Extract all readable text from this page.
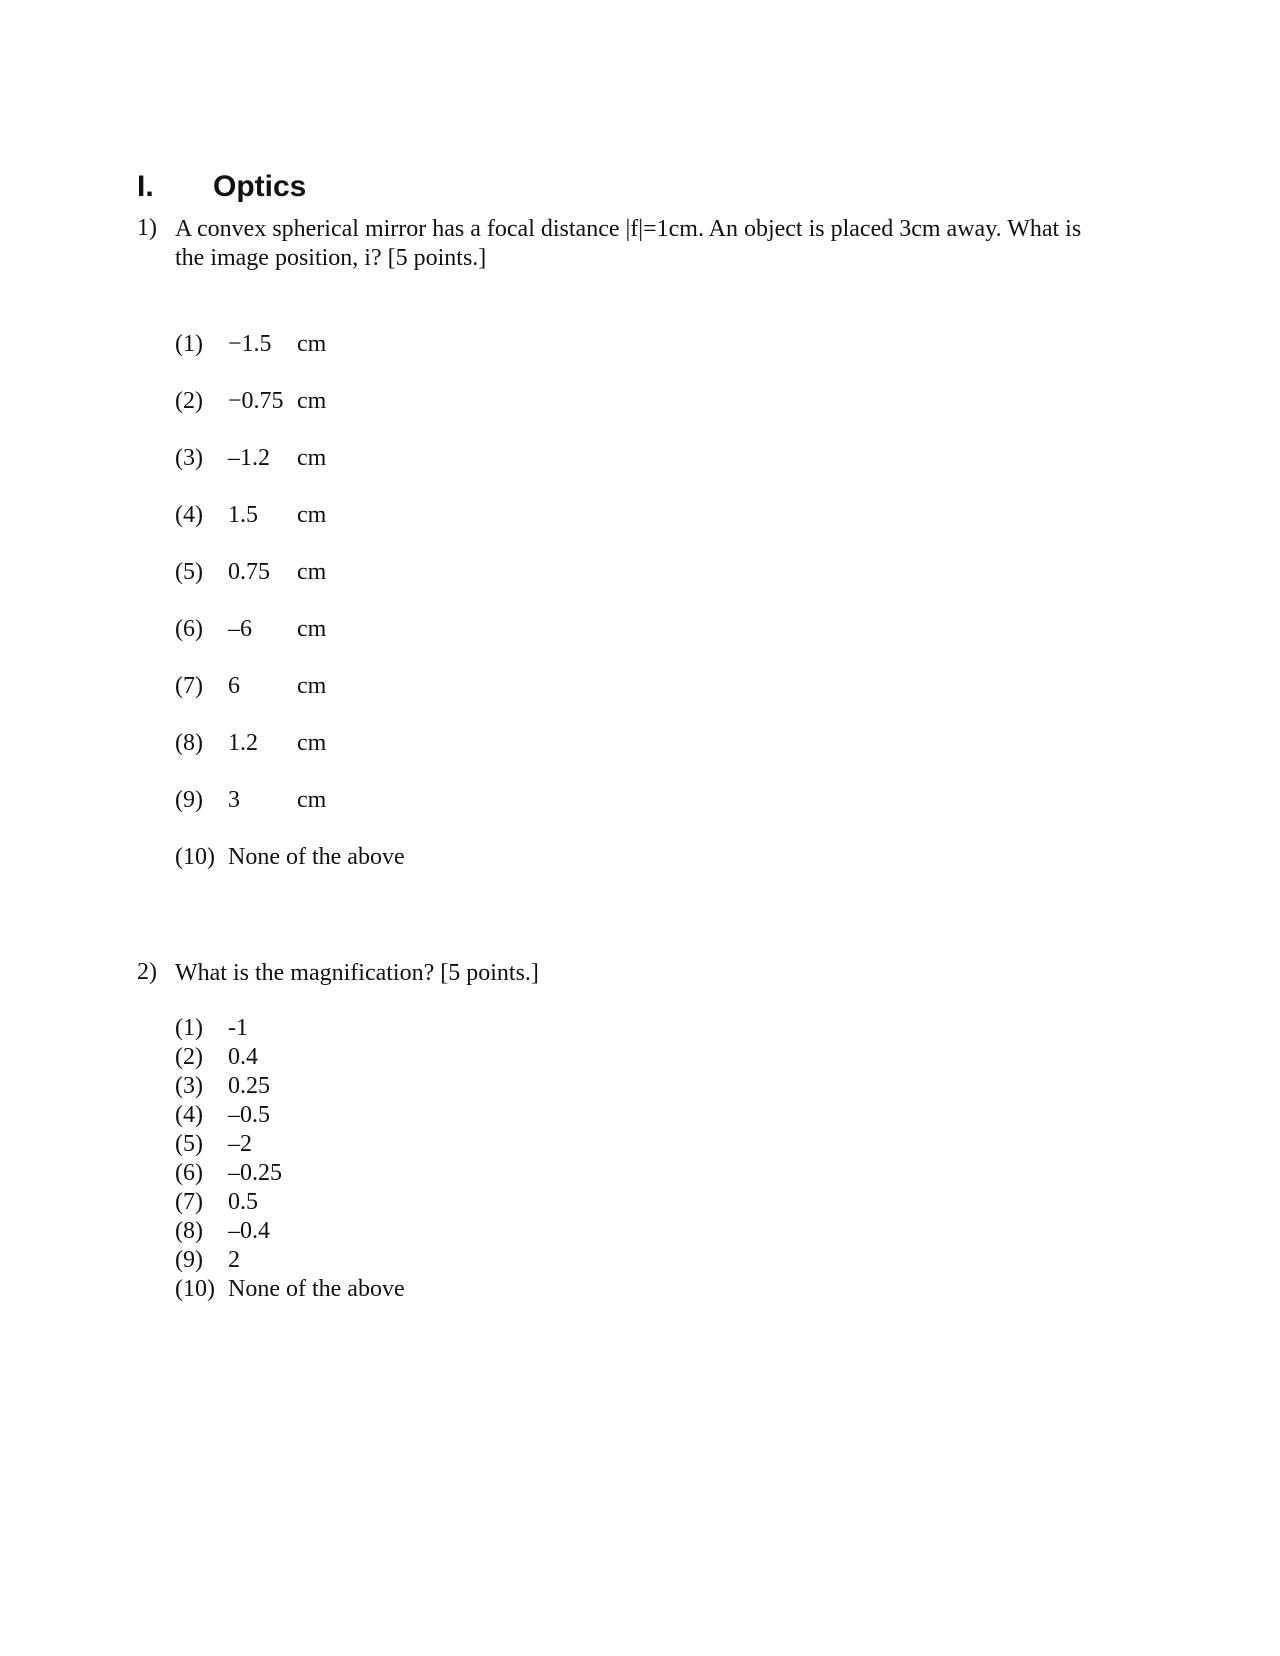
I. Optics
1) A convex spherical mirror has a focal distance |f|=1cm. An object is placed 3cm away. What is
the image position, i? [5 points.]
(1) −1.5 cm
(2) −0.75 cm
(3) –1.2 cm
(4) 1.5 cm
(5) 0.75 cm
(6) –6 cm
(7) 6 cm
(8) 1.2 cm
(9) 3 cm
(10) None of the above
2) What is the magnification? [5 points.]
(1) -1
(2) 0.4
(3) 0.25
(4) –0.5
(5) –2
(6) –0.25
(7) 0.5
(8) –0.4
(9) 2
(10) None of the above
